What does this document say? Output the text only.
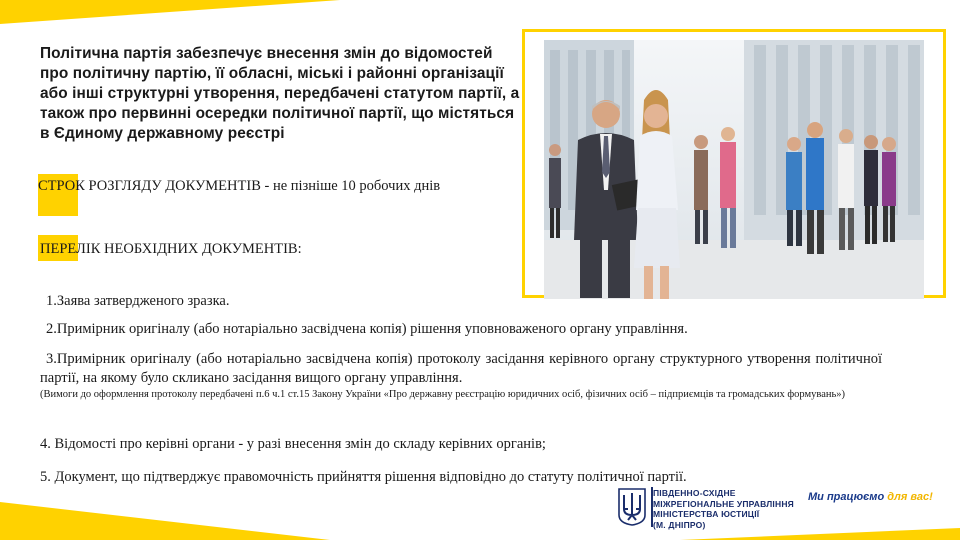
Політична партія забезпечує внесення змін до відомостей про політичну партію, її обласні, міські і районні організації або інші структурні утворення, передбачені статутом партії, а також про первинні осередки політичної партії, що містяться в Єдиному державному реєстрі
СТРОК РОЗГЛЯДУ ДОКУМЕНТІВ - не пізніше 10 робочих днів
ПЕРЕЛІК НЕОБХІДНИХ ДОКУМЕНТІВ:
1.Заява затвердженого зразка.
2.Примірник оригіналу (або нотаріально засвідчена копія) рішення уповноваженого органу управління.
3.Примірник оригіналу (або нотаріально засвідчена копія) протоколу засідання керівного органу структурного утворення політичної партії, на якому було скликано засідання вищого органу управління.
(Вимоги до оформлення протоколу передбачені п.6 ч.1 ст.15 Закону України «Про державну реєстрацію юридичних осіб, фізичних осіб – підприємців та громадських формувань»)
4. Відомості про керівні органи - у разі внесення змін до складу керівних органів;
5. Документ, що підтверджує правомочність прийняття рішення відповідно до статуту політичної партії.
ПІВДЕННО-СХІДНЕ
МІЖРЕГІОНАЛЬНЕ УПРАВЛІННЯ
МІНІСТЕРСТВА ЮСТИЦІЇ
(М. ДНІПРО)
Ми працюємо для вас!
